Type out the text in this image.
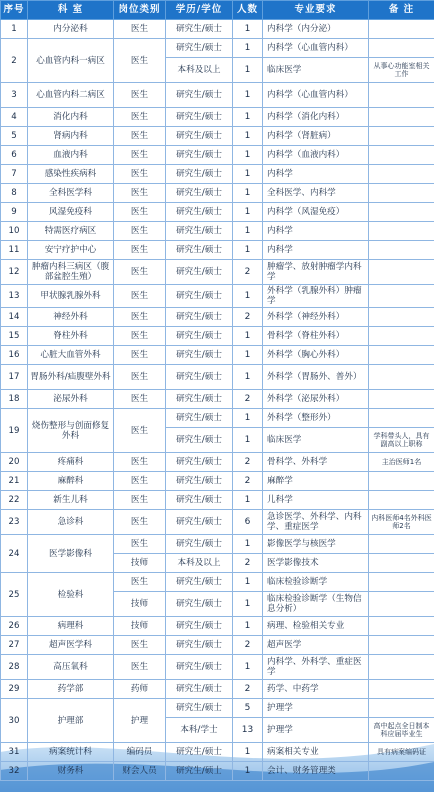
序号	科 室	岗位类别	学历/学位	人数	专业要求	备 注
1	内分泌科	医生	研究生/硕士	1	内科学（内分泌）	
2	心血管内科一病区	医生	研究生/硕士	1	内科学（心血管内科）	
			本科及以上	1	临床医学	从事心功能室相关工作
3	心血管内科二病区	医生	研究生/硕士	1	内科学（心血管内科）	
4	消化内科	医生	研究生/硕士	1	内科学（消化内科）	
5	肾病内科	医生	研究生/硕士	1	内科学（肾脏病）	
6	血液内科	医生	研究生/硕士	1	内科学（血液内科）	
7	感染性疾病科	医生	研究生/硕士	1	内科学	
8	全科医学科	医生	研究生/硕士	1	全科医学、内科学	
9	风湿免疫科	医生	研究生/硕士	1	内科学（风湿免疫）	
10	特需医疗病区	医生	研究生/硕士	1	内科学	
11	安宁疗护中心	医生	研究生/硕士	1	内科学	
12	肿瘤内科三病区（腹部盆腔生殖）	医生	研究生/硕士	2	肿瘤学、放射肿瘤学内科学	
13	甲状腺乳腺外科	医生	研究生/硕士	1	外科学（乳腺外科）肿瘤学	
14	神经外科	医生	研究生/硕士	2	外科学（神经外科）	
15	脊柱外科	医生	研究生/硕士	1	骨科学（脊柱外科）	
16	心脏大血管外科	医生	研究生/硕士	1	外科学（胸心外科）	
17	胃肠外科/疝腹壁外科	医生	研究生/硕士	1	外科学（胃肠外、普外）	
18	泌尿外科	医生	研究生/硕士	2	外科学（泌尿外科）	
19	烧伤整形与创面修复外科	医生	研究生/硕士	1	外科学（整形外）	
			研究生/硕士	1	临床医学	学科带头人，具有副高以上职称
20	疼痛科	医生	研究生/硕士	2	骨科学、外科学	主治医师1名
21	麻醉科	医生	研究生/硕士	2	麻醉学	
22	新生儿科	医生	研究生/硕士	1	儿科学	
23	急诊科	医生	研究生/硕士	6	急诊医学、外科学、内科学、重症医学	内科医师4名外科医师2名
24	医学影像科	医生	研究生/硕士	1	影像医学与核医学	
		技师	本科及以上	2	医学影像技术	
25	检验科	医生	研究生/硕士	1	临床检验诊断学	
		技师	研究生/硕士	1	临床检验诊断学（生物信息分析）	
26	病理科	技师	研究生/硕士	1	病理、检验相关专业	
27	超声医学科	医生	研究生/硕士	2	超声医学	
28	高压氧科	医生	研究生/硕士	1	内科学、外科学、重症医学	
29	药学部	药师	研究生/硕士	2	药学、中药学	
30	护理部	护理	研究生/硕士	5	护理学	
			本科/学士	13	护理学	高中起点全日制本科应届毕业生
31	病案统计科	编码员	研究生/硕士	1	病案相关专业	具有病案编码证
32	财务科	财会人员	研究生/硕士	1	会计、财务管理类	
